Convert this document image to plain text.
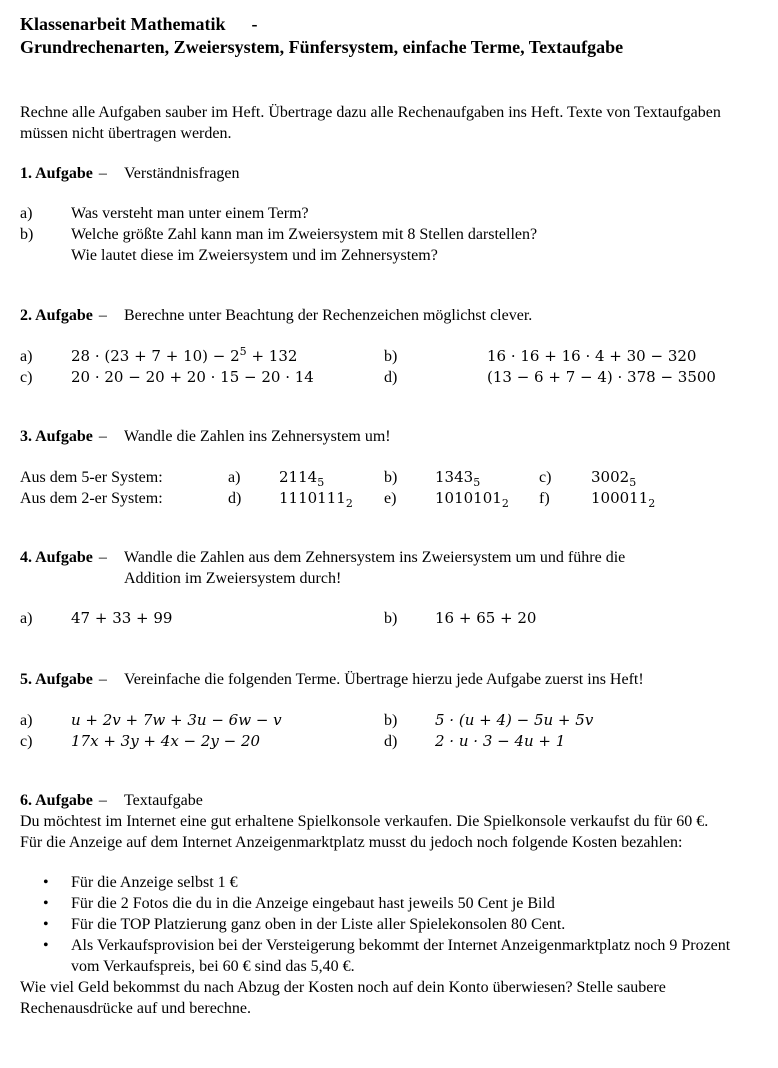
Klassenarbeit Mathematik -
Grundrechenarten, Zweiersystem, Fünfersystem, einfache Terme, Textaufgabe

Rechne alle Aufgaben sauber im Heft. Übertrage dazu alle Rechenaufgaben ins Heft. Texte von Textaufgaben müssen nicht übertragen werden.

1. Aufgabe – Verständnisfragen
a) Was versteht man unter einem Term?
b) Welche größte Zahl kann man im Zweiersystem mit 8 Stellen darstellen?
Wie lautet diese im Zweiersystem und im Zehnersystem?
2. Aufgabe – Berechne unter Beachtung der Rechenzeichen möglichst clever.
a)	$28 \cdot (23 + 7 + 10) - 2^5 + 132$	b)	16 · 16 + 16 · 4 + 30 − 320
c)	20 · 20 − 20 + 20 · 15 − 20 · 14	d)	(13 − 6 + 7 − 4) · 378 − 3500
3. Aufgabe – Wandle die Zahlen ins Zehnersystem um!
Aus dem 5-er System:	a)	$2114_5$	b)	$1343_5$	c)	$3002_5$
Aus dem 2-er System:	d)	$1110111_2$ e)	$1010101_2$ f)	$100011_2$
4. Aufgabe – Wandle die Zahlen aus dem Zehnersystem ins Zweiersystem um und führe die
Addition im Zweiersystem durch!
a)	47 + 33 + 99	b)	16 + 65 + 20
5. Aufgabe – Vereinfache die folgenden Terme. Übertrage hierzu jede Aufgabe zuerst ins Heft!
a)	u + 2v + 7w + 3u − 6w − v	b)	5 · (u + 4) − 5u + 5v
c)	17x + 3y + 4x − 2y − 20	d)	2 · u · 3 − 4u + 1
6. Aufgabe – Textaufgabe

Du möchtest im Internet eine gut erhaltene Spielkonsole verkaufen. Die Spielkonsole verkaufst du für 60 €. Für die Anzeige auf dem Internet Anzeigenmarktplatz musst du jedoch noch folgende Kosten bezahlen:

• Für die Anzeige selbst 1 €
• Für die 2 Fotos die du in die Anzeige eingebaut hast jeweils 50 Cent je Bild
• Für die TOP Platzierung ganz oben in der Liste aller Spielekonsolen 80 Cent.
• Als Verkaufsprovision bei der Versteigerung bekommt der Internet Anzeigenmarktplatz noch 9 Prozent vom Verkaufspreis, bei 60 € sind das 5,40 €.

Wie viel Geld bekommst du nach Abzug der Kosten noch auf dein Konto überwiesen? Stelle saubere Rechenausdrücke auf und berechne.
